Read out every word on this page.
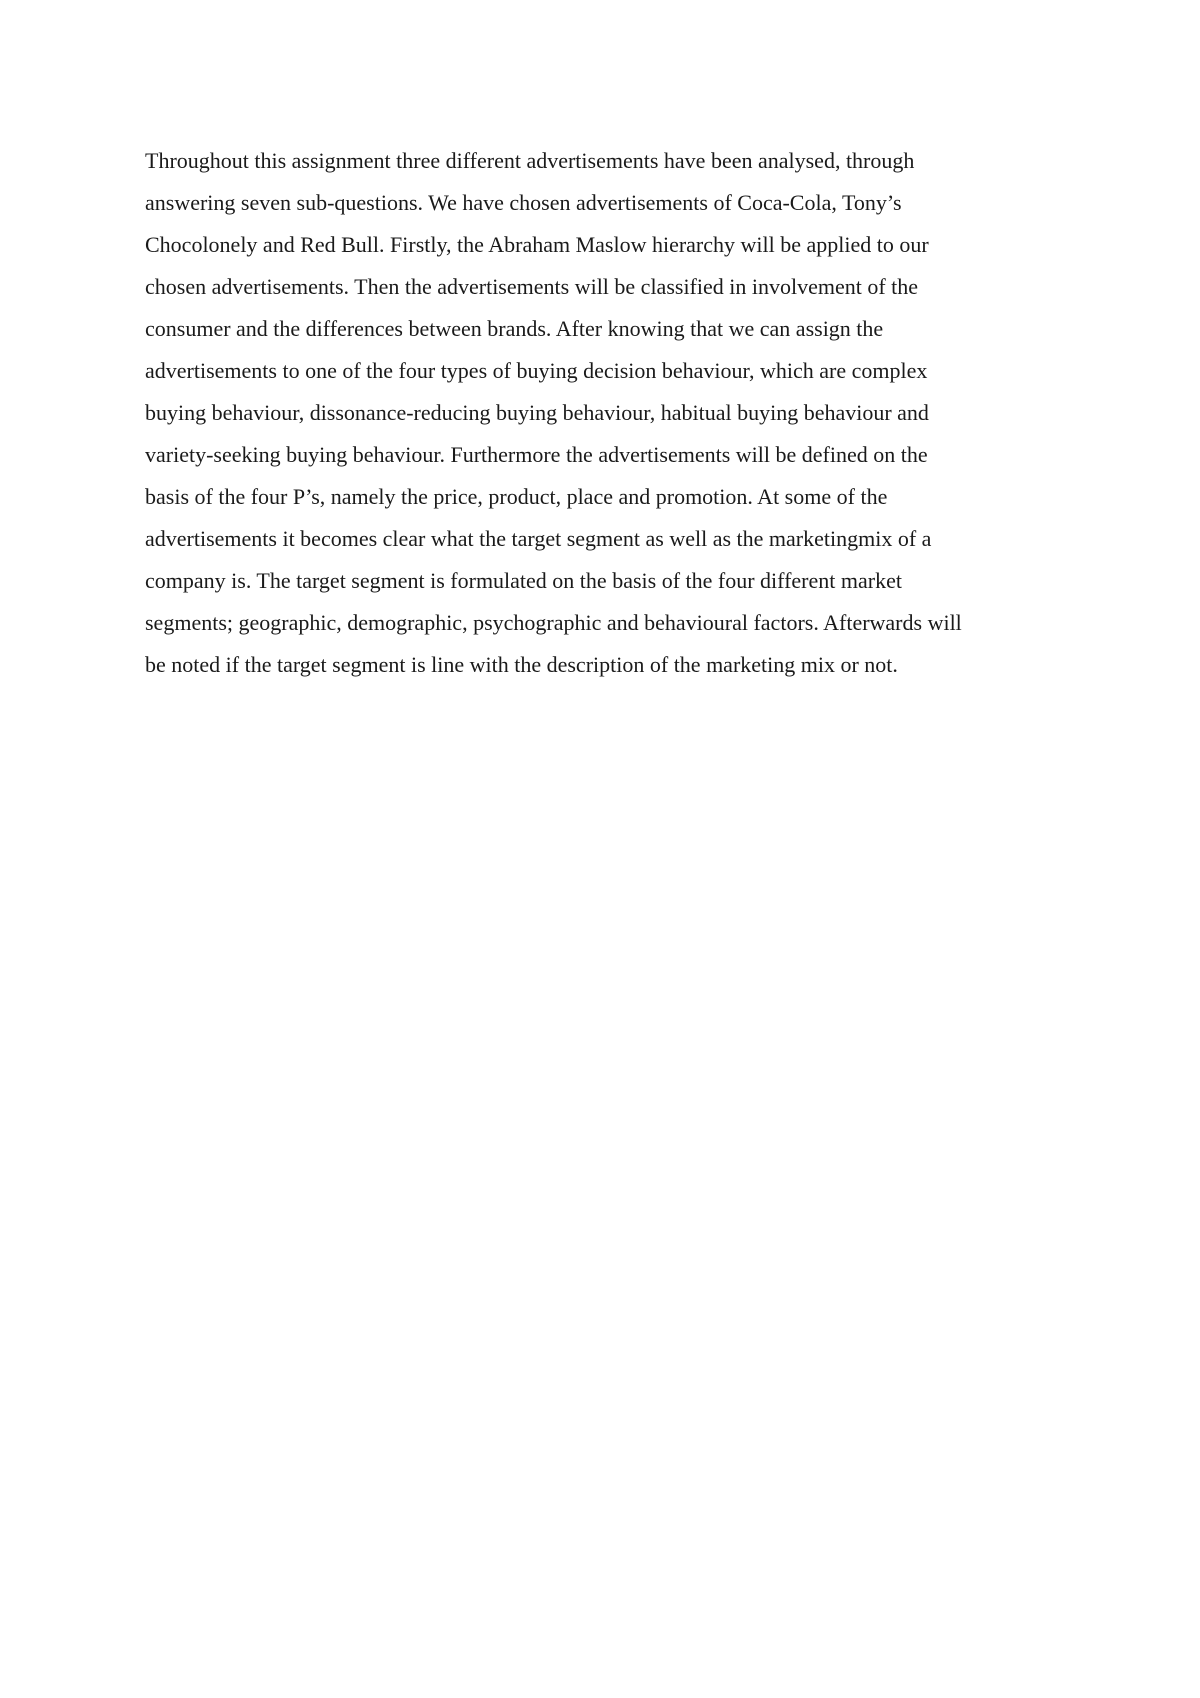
Throughout this assignment three different advertisements have been analysed, through
answering seven sub-questions. We have chosen advertisements of Coca-Cola, Tony’s
Chocolonely and Red Bull. Firstly, the Abraham Maslow hierarchy will be applied to our
chosen advertisements. Then the advertisements will be classified in involvement of the
consumer and the differences between brands. After knowing that we can assign the
advertisements to one of the four types of buying decision behaviour, which are complex
buying behaviour, dissonance-reducing buying behaviour, habitual buying behaviour and
variety-seeking buying behaviour. Furthermore the advertisements will be defined on the
basis of the four P’s, namely the price, product, place and promotion. At some of the
advertisements it becomes clear what the target segment as well as the marketingmix of a
company is. The target segment is formulated on the basis of the four different market
segments; geographic, demographic, psychographic and behavioural factors. Afterwards will
be noted if the target segment is line with the description of the marketing mix or not.
